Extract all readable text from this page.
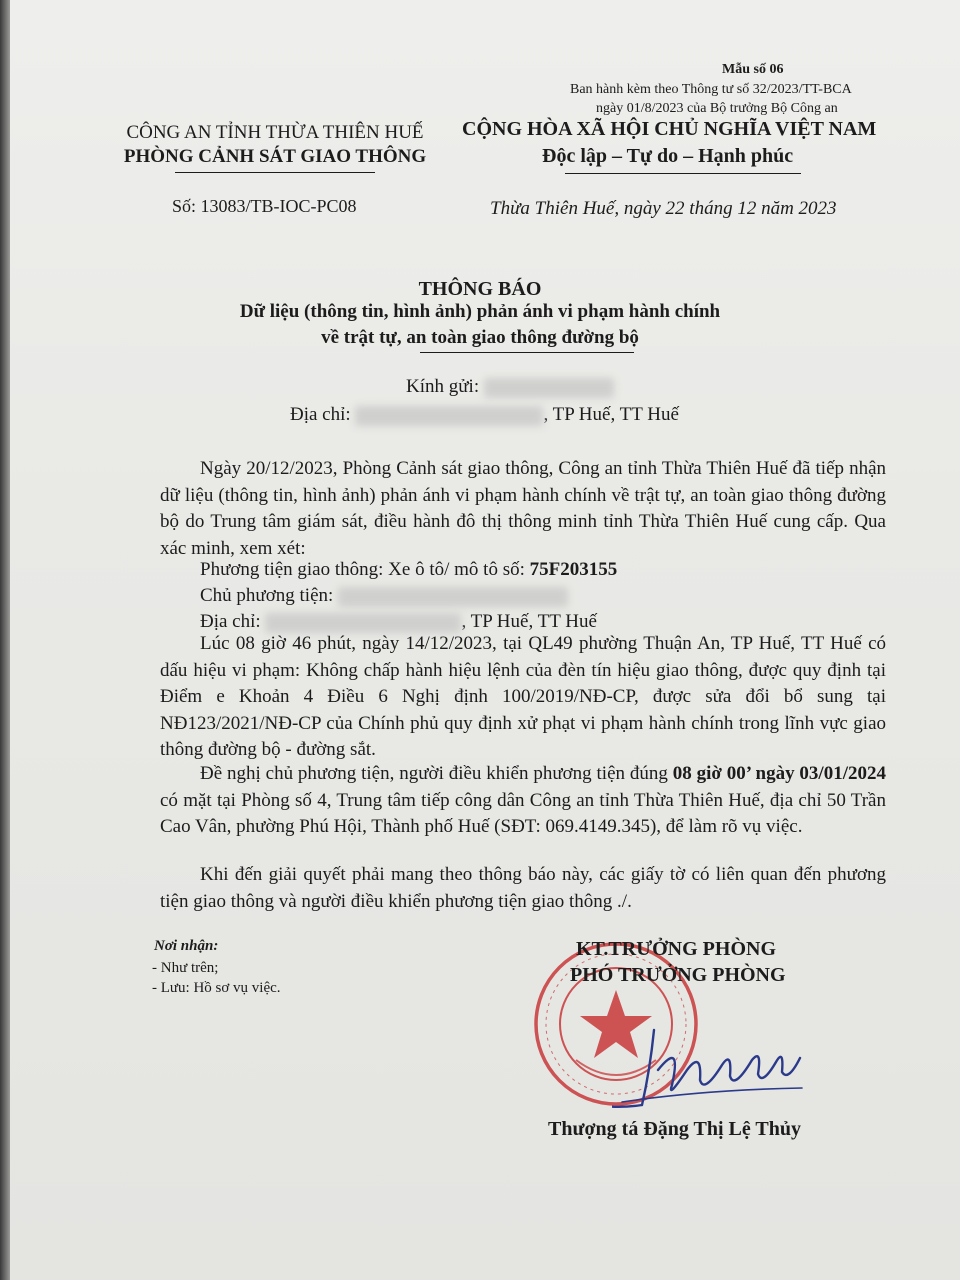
Mẫu số 06
Ban hành kèm theo Thông tư số 32/2023/TT-BCA
ngày 01/8/2023 của Bộ trưởng Bộ Công an
CÔNG AN TỈNH THỪA THIÊN HUẾ
PHÒNG CẢNH SÁT GIAO THÔNG
Số: 13083/TB-IOC-PC08
CỘNG HÒA XÃ HỘI CHỦ NGHĨA VIỆT NAM
Độc lập – Tự do – Hạnh phúc
Thừa Thiên Huế, ngày 22 tháng 12 năm 2023
THÔNG BÁO
Dữ liệu (thông tin, hình ảnh) phản ánh vi phạm hành chính
về trật tự, an toàn giao thông đường bộ
Kính gửi:
Địa chỉ:	, TP Huế, TT Huế
Ngày 20/12/2023, Phòng Cảnh sát giao thông, Công an tỉnh Thừa Thiên Huế đã tiếp nhận dữ liệu (thông tin, hình ảnh) phản ánh vi phạm hành chính về trật tự, an toàn giao thông đường bộ do Trung tâm giám sát, điều hành đô thị thông minh tỉnh Thừa Thiên Huế cung cấp. Qua xác minh, xem xét:
Phương tiện giao thông: Xe ô tô/ mô tô số: 75F203155
Chủ phương tiện:
Địa chỉ:	, TP Huế, TT Huế
Lúc 08 giờ 46 phút, ngày 14/12/2023, tại QL49 phường Thuận An, TP Huế, TT Huế có dấu hiệu vi phạm: Không chấp hành hiệu lệnh của đèn tín hiệu giao thông, được quy định tại Điểm e Khoản 4 Điều 6 Nghị định 100/2019/NĐ-CP, được sửa đổi bổ sung tại NĐ123/2021/NĐ-CP của Chính phủ quy định xử phạt vi phạm hành chính trong lĩnh vực giao thông đường bộ - đường sắt.
Đề nghị chủ phương tiện, người điều khiển phương tiện đúng 08 giờ 00’ ngày 03/01/2024 có mặt tại Phòng số 4, Trung tâm tiếp công dân Công an tỉnh Thừa Thiên Huế, địa chỉ 50 Trần Cao Vân, phường Phú Hội, Thành phố Huế (SĐT: 069.4149.345), để làm rõ vụ việc.
Khi đến giải quyết phải mang theo thông báo này, các giấy tờ có liên quan đến phương tiện giao thông và người điều khiển phương tiện giao thông ./.
Nơi nhận:
- Như trên;
- Lưu: Hồ sơ vụ việc.
KT.TRƯỞNG PHÒNG
PHÓ TRƯỞNG PHÒNG
Thượng tá Đặng Thị Lệ Thủy
